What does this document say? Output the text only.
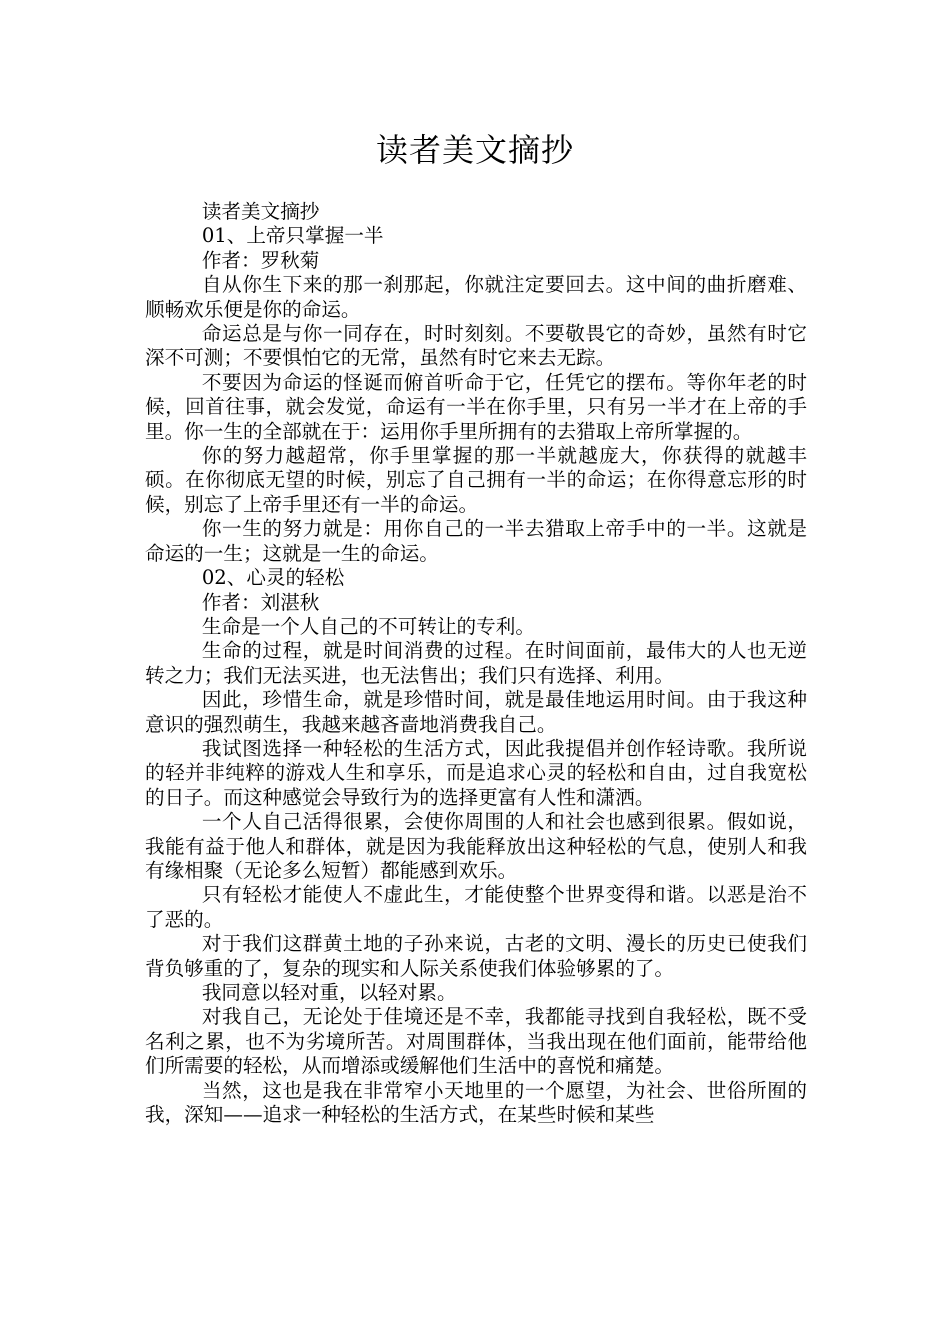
读者美文摘抄

读者美文摘抄

01、上帝只掌握一半

作者：罗秋菊

自从你生下来的那一刹那起，你就注定要回去。这中间的曲折磨难、顺畅欢乐便是你的命运。

命运总是与你一同存在，时时刻刻。不要敬畏它的奇妙，虽然有时它深不可测；不要惧怕它的无常，虽然有时它来去无踪。

不要因为命运的怪诞而俯首听命于它，任凭它的摆布。等你年老的时候，回首往事，就会发觉，命运有一半在你手里，只有另一半才在上帝的手里。你一生的全部就在于：运用你手里所拥有的去猎取上帝所掌握的。

你的努力越超常，你手里掌握的那一半就越庞大，你获得的就越丰硕。在你彻底无望的时候，别忘了自己拥有一半的命运；在你得意忘形的时候，别忘了上帝手里还有一半的命运。

你一生的努力就是：用你自己的一半去猎取上帝手中的一半。这就是命运的一生；这就是一生的命运。

02、心灵的轻松

作者：刘湛秋

生命是一个人自己的不可转让的专利。

生命的过程，就是时间消费的过程。在时间面前，最伟大的人也无逆转之力；我们无法买进，也无法售出；我们只有选择、利用。

因此，珍惜生命，就是珍惜时间，就是最佳地运用时间。由于我这种意识的强烈萌生，我越来越吝啬地消费我自己。

我试图选择一种轻松的生活方式，因此我提倡并创作轻诗歌。我所说的轻并非纯粹的游戏人生和享乐，而是追求心灵的轻松和自由，过自我宽松的日子。而这种感觉会导致行为的选择更富有人性和潇洒。

一个人自己活得很累，会使你周围的人和社会也感到很累。假如说，我能有益于他人和群体，就是因为我能释放出这种轻松的气息，使别人和我有缘相聚（无论多么短暂）都能感到欢乐。

只有轻松才能使人不虚此生，才能使整个世界变得和谐。以恶是治不了恶的。

对于我们这群黄土地的子孙来说，古老的文明、漫长的历史已使我们背负够重的了，复杂的现实和人际关系使我们体验够累的了。

我同意以轻对重，以轻对累。

对我自己，无论处于佳境还是不幸，我都能寻找到自我轻松，既不受名利之累，也不为劣境所苦。对周围群体，当我出现在他们面前，能带给他们所需要的轻松，从而增添或缓解他们生活中的喜悦和痛楚。

当然，这也是我在非常窄小天地里的一个愿望，为社会、世俗所囿的我，深知——追求一种轻松的生活方式，在某些时候和某些
